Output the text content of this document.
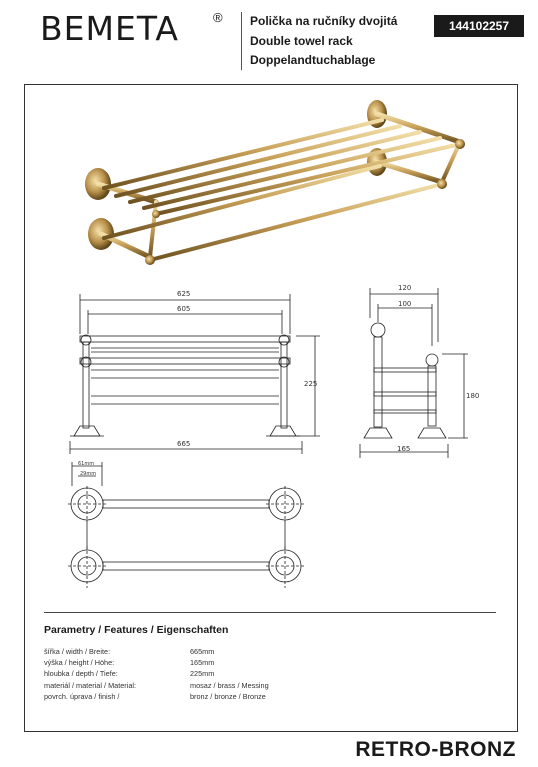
BEMETA	® Polička na ručníky dvojitá
Double towel rack
Doppelandtuchablage
144102257
625
605
225
665
120
100
180
165
61mm
29mm
Parametry / Features / Eigenschaften
šířka / width / Breite:	665mm
výška / height / Höhe:	165mm
hloubka / depth / Tiefe:	225mm
materiál / material / Material:	mosaz / brass / Messing
povrch. úprava / finish /	bronz / bronze / Bronze
RETRO-BRONZ
